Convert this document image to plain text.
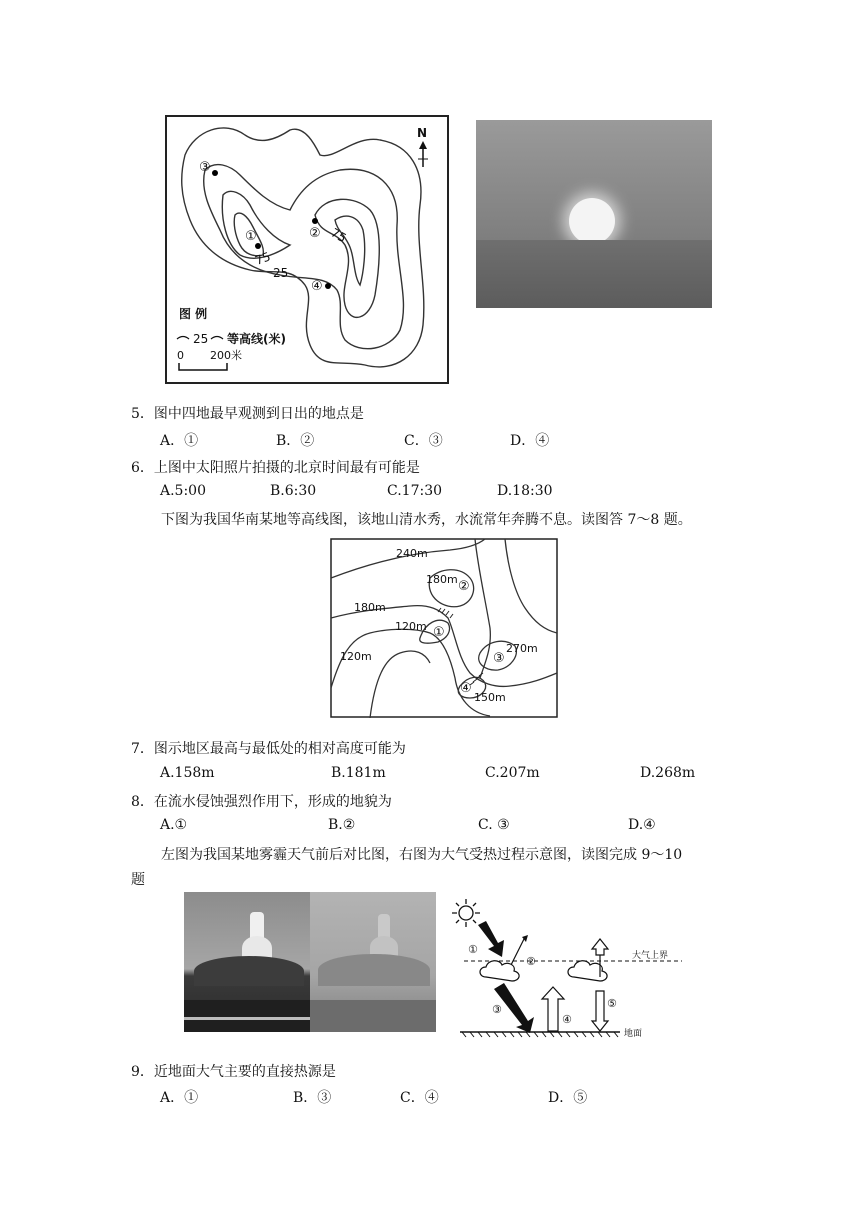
③
①	②
④
75
25
75
N
图 例
25 等高线(米)
0 200米
5．图中四地最早观测到日出的地点是
A．①	B．②	C．③	D．④
6．上图中太阳照片拍摄的北京时间最有可能是
A.5:00	B.6:30	C.17:30	D.18:30
下图为我国华南某地等高线图，该地山清水秀，水流常年奔腾不息。读图答 7～8 题。
240m
180m ②
180m
120m ①
270m
③
120m
④
150m
7．图示地区最高与最低处的相对高度可能为
A.158m	B.181m	C.207m	D.268m
8．在流水侵蚀强烈作用下，形成的地貌为
A.①	B.②	C. ③	D.④
左图为我国某地雾霾天气前后对比图，右图为大气受热过程示意图，读图完成 9～10
题
大气上界
①
②
③
④
⑤
地面
9．近地面大气主要的直接热源是
A．①	B．③	C．④	D．⑤
